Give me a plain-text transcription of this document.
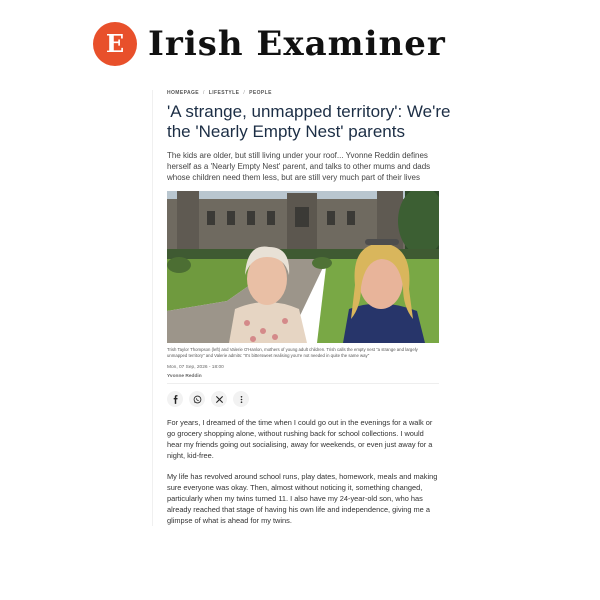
E Irish Examiner
HOMEPAGE / LIFESTYLE / PEOPLE
'A strange, unmapped territory': We're the 'Nearly Empty Nest' parents

The kids are older, but still living under your roof... Yvonne Reddin defines herself as a 'Nearly Empty Nest' parent, and talks to other mums and dads whose children need them less, but are still very much part of their lives

Trish Taylor Thompson (left) and Valerie O'Hanlon, mothers of young adult children. Trish calls the empty nest "a strange and largely unmapped territory" and Valerie admits: "It's bittersweet realising you're not needed in quite the same way"

Mon, 07 Sep, 2026 - 18:00
Yvonne Reddin

For years, I dreamed of the time when I could go out in the evenings for a walk or go grocery shopping alone, without rushing back for school collections. I would hear my friends going out socialising, away for weekends, or even just away for a night, kid-free.

My life has revolved around school runs, play dates, homework, meals and making sure everyone was okay. Then, almost without noticing it, something changed, particularly when my twins turned 11. I also have my 24-year-old son, who has already reached that stage of having his own life and independence, giving me a glimpse of what is ahead for my twins.
